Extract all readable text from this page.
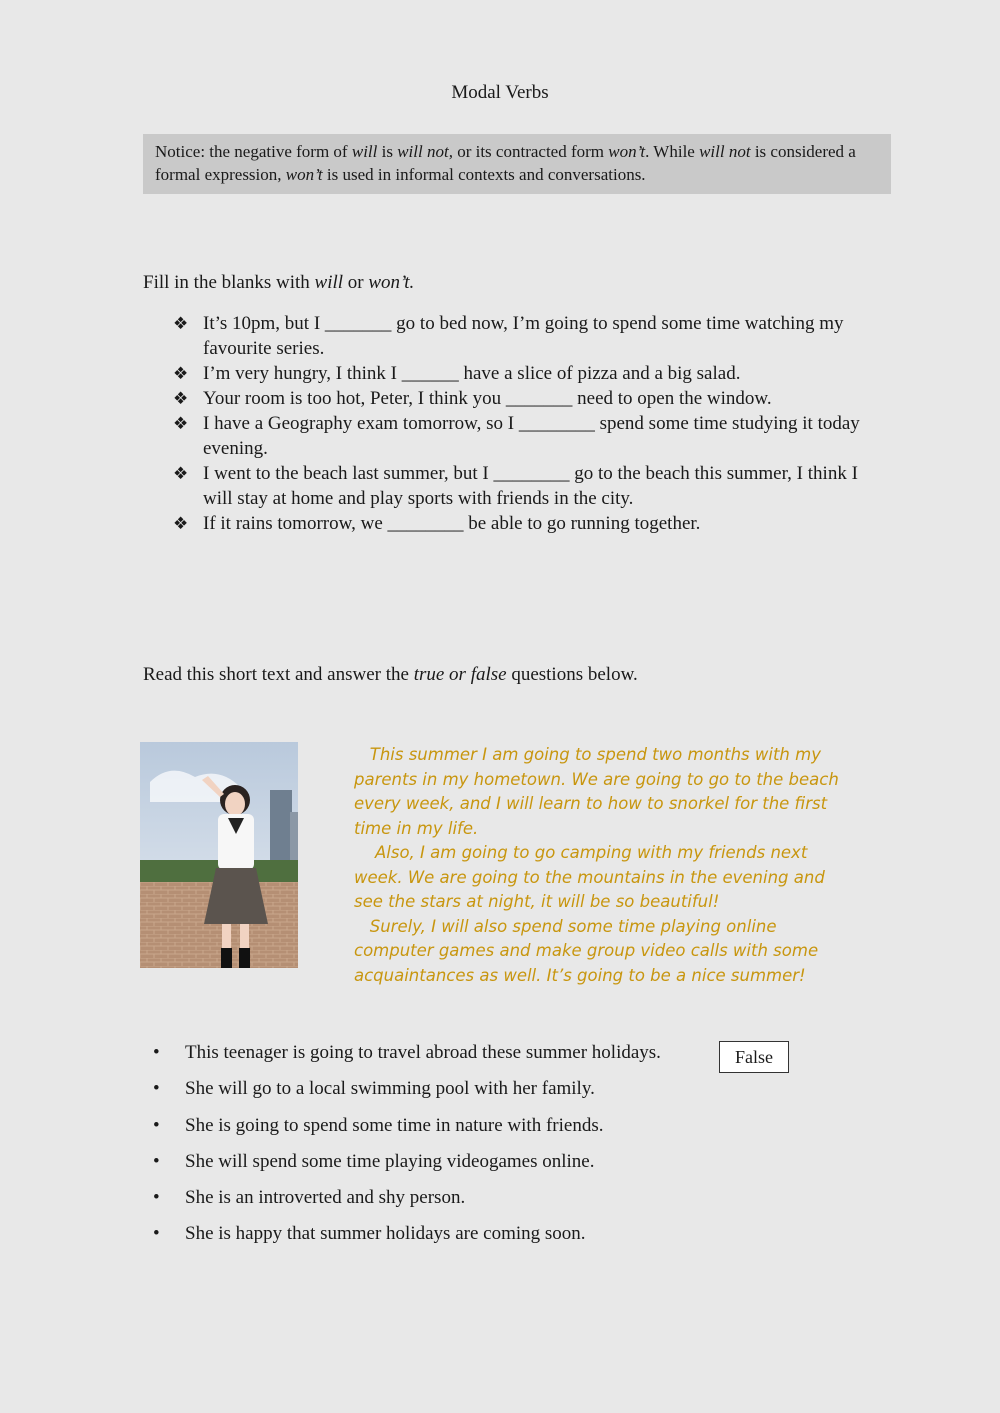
Modal Verbs
Notice: the negative form of will is will not, or its contracted form won’t. While will not is considered a formal expression, won’t is used in informal contexts and conversations.
Fill in the blanks with will or won’t.
❖ It’s 10pm, but I _______ go to bed now, I’m going to spend some time watching my favourite series.
❖ I’m very hungry, I think I ______ have a slice of pizza and a big salad.
❖ Your room is too hot, Peter, I think you _______ need to open the window.
❖ I have a Geography exam tomorrow, so I ________ spend some time studying it today evening.
❖ I went to the beach last summer, but I ________ go to the beach this summer, I think I will stay at home and play sports with friends in the city.
❖ If it rains tomorrow, we ________ be able to go running together.
Read this short text and answer the true or false questions below.

This summer I am going to spend two months with my parents in my hometown. We are going to go to the beach every week, and I will learn to how to snorkel for the first time in my life.

Also, I am going to go camping with my friends next week. We are going to the mountains in the evening and see the stars at night, it will be so beautiful!

Surely, I will also spend some time playing online computer games and make group video calls with some acquaintances as well. It’s going to be a nice summer!

• This teenager is going to travel abroad these summer holidays.
• She will go to a local swimming pool with her family.
• She is going to spend some time in nature with friends.
• She will spend some time playing videogames online.
• She is an introverted and shy person.
• She is happy that summer holidays are coming soon.
False
